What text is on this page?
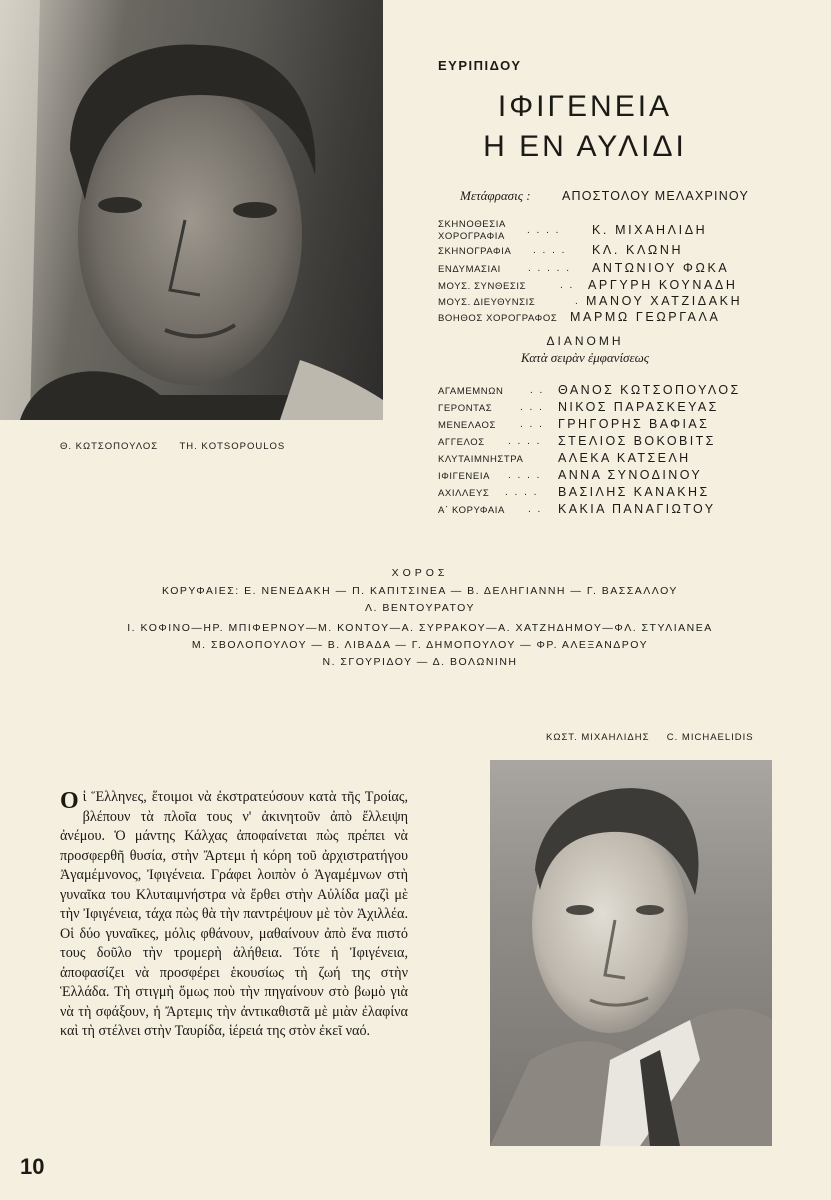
Θ. ΚΩΤΣΟΠΟΥΛΟΣ TH. KOTSOPOULOS
ΕΥΡΙΠΙΔΟΥ
ΙΦΙΓΕΝΕΙΑ
Η ΕΝ ΑΥΛΙΔΙ
Μετάφρασις :	ΑΠΟΣΤΟΛΟΥ ΜΕΛΑΧΡΙΝΟΥ
ΣΚΗΝΟΘΕΣΙΑ
ΧΟΡΟΓΡΑΦΙΑ
. . . .	Κ. ΜΙΧΑΗΛΙΔΗ
ΣΚΗΝΟΓΡΑΦΙΑ . . . . ΚΛ. ΚΛΩΝΗ
ΕΝΔΥΜΑΣΙΑΙ	. . . . . ΑΝΤΩΝΙΟΥ ΦΩΚΑ
ΜΟΥΣ. ΣΥΝΘΕΣΙΣ	. . ΑΡΓΥΡΗ ΚΟΥΝΑΔΗ
ΜΟΥΣ. ΔΙΕΥΘΥΝΣΙΣ	. ΜΑΝΟΥ ΧΑΤΖΙΔΑΚΗ
ΒΟΗΘΟΣ ΧΟΡΟΓΡΑΦΟΣ ΜΑΡΜΩ ΓΕΩΡΓΑΛΑ
ΔΙΑΝΟΜΗ
Κατὰ σειρὰν ἐμφανίσεως
ΑΓΑΜΕΜΝΩΝ	. . ΘΑΝΟΣ ΚΩΤΣΟΠΟΥΛΟΣ
ΓΕΡΟΝΤΑΣ	. . . ΝΙΚΟΣ ΠΑΡΑΣΚΕΥΑΣ
ΜΕΝΕΛΑΟΣ . . . ΓΡΗΓΟΡΗΣ ΒΑΦΙΑΣ
ΑΓΓΕΛΟΣ . . . . ΣΤΕΛΙΟΣ ΒΟΚΟΒΙΤΣ
ΚΛΥΤΑΙΜΝΗΣΤΡΑ	ΑΛΕΚΑ ΚΑΤΣΕΛΗ
ΙΦΙΓΕΝΕΙΑ . . . . ΑΝΝΑ ΣΥΝΟΔΙΝΟΥ
ΑΧΙΛΛΕΥΣ . . . . ΒΑΣΙΛΗΣ ΚΑΝΑΚΗΣ
Α΄ ΚΟΡΥΦΑΙΑ . . ΚΑΚΙΑ ΠΑΝΑΓΙΩΤΟΥ
ΧΟΡΟΣ
ΚΟΡΥΦΑΙΕΣ: Ε. ΝΕΝΕΔΑΚΗ — Π. ΚΑΠΙΤΣΙΝΕΑ — Β. ΔΕΛΗΓΙΑΝΝΗ — Γ. ΒΑΣΣΑΛΛΟΥ
Λ. ΒΕΝΤΟΥΡΑΤΟΥ
Ι. ΚΟΦΙΝΟ—ΗΡ. ΜΠΙΦΕΡΝΟΥ—Μ. ΚΟΝΤΟΥ—Α. ΣΥΡΡΑΚΟΥ—Α. ΧΑΤΖΗΔΗΜΟΥ—ΦΛ. ΣΤΥΛΙΑΝΕΑ
Μ. ΣΒΟΛΟΠΟΥΛΟΥ — Β. ΛΙΒΑΔΑ — Γ. ΔΗΜΟΠΟΥΛΟΥ — ΦΡ. ΑΛΕΞΑΝΔΡΟΥ
Ν. ΣΓΟΥΡΙΔΟΥ — Δ. ΒΟΛΩΝΙΝΗ
ΚΩΣΤ. ΜΙΧΑΗΛΙΔΗΣ C. MICHAELIDIS
Οἱ Ἕλληνες, ἕτοιμοι νὰ ἐκστρατεύσουν κατὰ τῆς Τροίας, βλέπουν τὰ πλοῖα τους ν' ἀκινητοῦν ἀπὸ ἔλλειψη ἀνέμου. Ὁ μάντης Κάλχας ἀποφαίνεται πὼς πρέπει νὰ προσφερθῆ θυσία, στὴν Ἄρτεμι ἡ κόρη τοῦ ἀρχιστρατήγου Ἀγαμέμνονος, Ἰφιγένεια. Γράφει λοιπὸν ὁ Ἀγαμέμνων στὴ γυναῖκα του Κλυταιμνήστρα νὰ ἔρθει στὴν Αὐλίδα μαζὶ μὲ τὴν Ἰφιγένεια, τάχα πὼς θὰ τὴν παντρέψουν μὲ τὸν Ἀχιλλέα. Οἱ δύο γυναῖκες, μόλις φθάνουν, μαθαίνουν ἀπὸ ἕνα πιστό τους δοῦλο τὴν τρομερὴ ἀλήθεια. Τότε ἡ Ἰφιγένεια, ἀποφασίζει νὰ προσφέρει ἑκουσίως τὴ ζωή της στὴν Ἑλλάδα. Τὴ στιγμὴ ὅμως ποὺ τὴν πηγαίνουν στὸ βωμὸ γιὰ νὰ τὴ σφάξουν, ἡ Ἄρτεμις τὴν ἀντικαθιστᾶ μὲ μιὰν ἐλαφίνα καὶ τὴ στέλνει στὴν Ταυρίδα, ἱέρειά της στὸν ἐκεῖ ναό.
10
